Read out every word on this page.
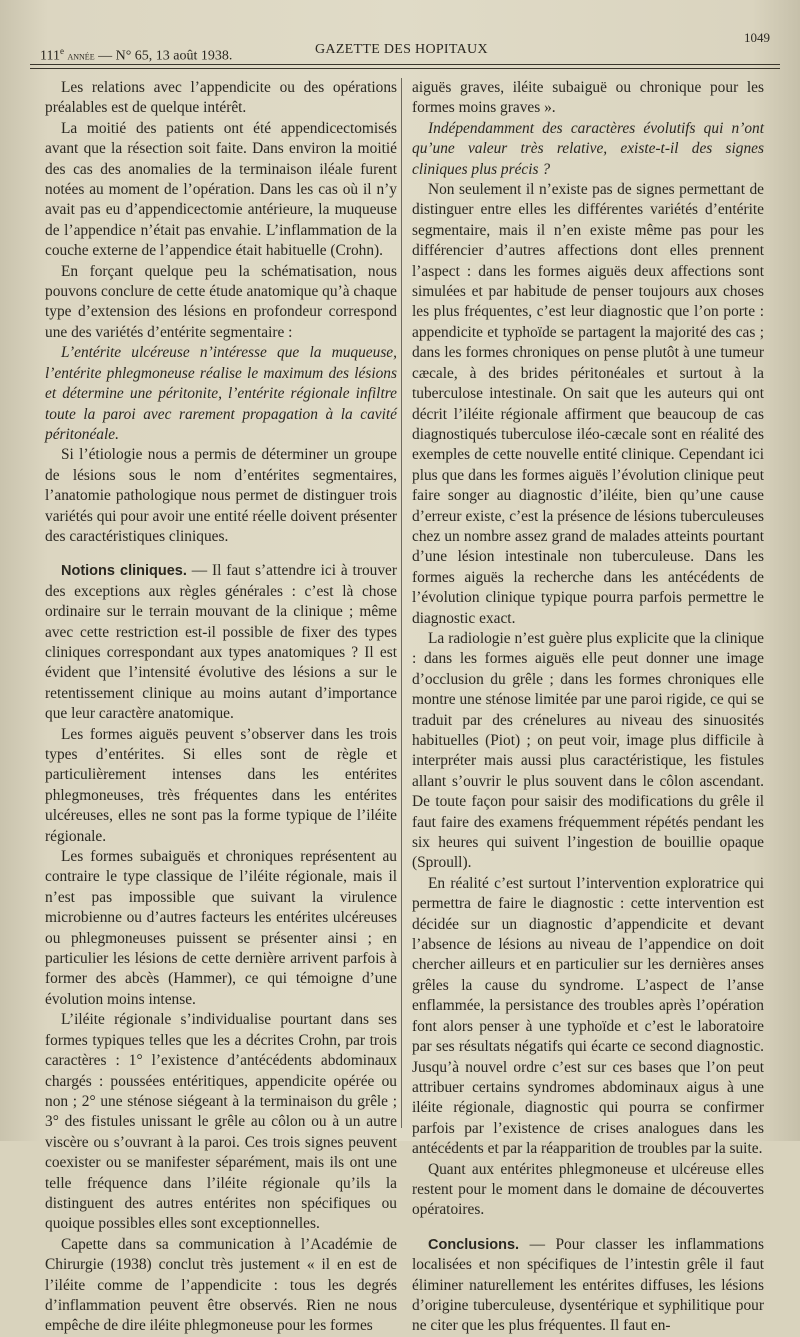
111e année — N° 65, 13 août 1938.	GAZETTE DES HOPITAUX
1049

Les relations avec l’appendicite ou des opérations préalables est de quelque intérêt.

La moitié des patients ont été appendicectomisés avant que la résection soit faite. Dans environ la moitié des cas des anomalies de la terminaison iléale furent notées au moment de l’opération. Dans les cas où il n’y avait pas eu d’appendicectomie antérieure, la muqueuse de l’appendice n’était pas envahie. L’inflammation de la couche externe de l’appendice était habituelle (Crohn).

En forçant quelque peu la schématisation, nous pouvons conclure de cette étude anatomique qu’à chaque type d’extension des lésions en profondeur correspond une des variétés d’entérite segmentaire :

L’entérite ulcéreuse n’intéresse que la muqueuse, l’entérite phlegmoneuse réalise le maximum des lésions et détermine une péritonite, l’entérite régionale infiltre toute la paroi avec rarement propagation à la cavité péritonéale.

Si l’étiologie nous a permis de déterminer un groupe de lésions sous le nom d’entérites segmentaires, l’anatomie pathologique nous permet de distinguer trois variétés qui pour avoir une entité réelle doivent présenter des caractéristiques cliniques.

Notions cliniques. — Il faut s’attendre ici à trouver des exceptions aux règles générales : c’est là chose ordinaire sur le terrain mouvant de la clinique ; même avec cette restriction est-il possible de fixer des types cliniques correspondant aux types anatomiques ? Il est évident que l’intensité évolutive des lésions a sur le retentissement clinique au moins autant d’importance que leur caractère anatomique.

Les formes aiguës peuvent s’observer dans les trois types d’entérites. Si elles sont de règle et particulièrement intenses dans les entérites phlegmoneuses, très fréquentes dans les entérites ulcéreuses, elles ne sont pas la forme typique de l’iléite régionale.

Les formes subaiguës et chroniques représentent au contraire le type classique de l’iléite régionale, mais il n’est pas impossible que suivant la virulence microbienne ou d’autres facteurs les entérites ulcéreuses ou phlegmoneuses puissent se présenter ainsi ; en particulier les lésions de cette dernière arrivent parfois à former des abcès (Hammer), ce qui témoigne d’une évolution moins intense.

L’iléite régionale s’individualise pourtant dans ses formes typiques telles que les a décrites Crohn, par trois caractères : 1° l’existence d’antécédents abdominaux chargés : poussées entéritiques, appendicite opérée ou non ; 2° une sténose siégeant à la terminaison du grêle ; 3° des fistules unissant le grêle au côlon ou à un autre viscère ou s’ouvrant à la paroi. Ces trois signes peuvent coexister ou se manifester séparément, mais ils ont une telle fréquence dans l’iléite régionale qu’ils la distinguent des autres entérites non spécifiques ou quoique possibles elles sont exceptionnelles.

Capette dans sa communication à l’Académie de Chirurgie (1938) conclut très justement « il en est de l’iléite comme de l’appendicite : tous les degrés d’inflammation peuvent être observés. Rien ne nous empêche de dire iléite phlegmoneuse pour les formes

aiguës graves, iléite subaiguë ou chronique pour les formes moins graves ».

Indépendamment des caractères évolutifs qui n’ont qu’une valeur très relative, existe-t-il des signes cliniques plus précis ?

Non seulement il n’existe pas de signes permettant de distinguer entre elles les différentes variétés d’entérite segmentaire, mais il n’en existe même pas pour les différencier d’autres affections dont elles prennent l’aspect : dans les formes aiguës deux affections sont simulées et par habitude de penser toujours aux choses les plus fréquentes, c’est leur diagnostic que l’on porte : appendicite et typhoïde se partagent la majorité des cas ; dans les formes chroniques on pense plutôt à une tumeur cæcale, à des brides péritonéales et surtout à la tuberculose intestinale. On sait que les auteurs qui ont décrit l’iléite régionale affirment que beaucoup de cas diagnostiqués tuberculose iléo-cæcale sont en réalité des exemples de cette nouvelle entité clinique. Cependant ici plus que dans les formes aiguës l’évolution clinique peut faire songer au diagnostic d’iléite, bien qu’une cause d’erreur existe, c’est la présence de lésions tuberculeuses chez un nombre assez grand de malades atteints pourtant d’une lésion intestinale non tuberculeuse. Dans les formes aiguës la recherche dans les antécédents de l’évolution clinique typique pourra parfois permettre le diagnostic exact.

La radiologie n’est guère plus explicite que la clinique : dans les formes aiguës elle peut donner une image d’occlusion du grêle ; dans les formes chroniques elle montre une sténose limitée par une paroi rigide, ce qui se traduit par des crénelures au niveau des sinuosités habituelles (Piot) ; on peut voir, image plus difficile à interpréter mais aussi plus caractéristique, les fistules allant s’ouvrir le plus souvent dans le côlon ascendant. De toute façon pour saisir des modifications du grêle il faut faire des examens fréquemment répétés pendant les six heures qui suivent l’ingestion de bouillie opaque (Sproull).

En réalité c’est surtout l’intervention exploratrice qui permettra de faire le diagnostic : cette intervention est décidée sur un diagnostic d’appendicite et devant l’absence de lésions au niveau de l’appendice on doit chercher ailleurs et en particulier sur les dernières anses grêles la cause du syndrome. L’aspect de l’anse enflammée, la persistance des troubles après l’opération font alors penser à une typhoïde et c’est le laboratoire par ses résultats négatifs qui écarte ce second diagnostic. Jusqu’à nouvel ordre c’est sur ces bases que l’on peut attribuer certains syndromes abdominaux aigus à une iléite régionale, diagnostic qui pourra se confirmer parfois par l’existence de crises analogues dans les antécédents et par la réapparition de troubles par la suite.

Quant aux entérites phlegmoneuse et ulcéreuse elles restent pour le moment dans le domaine de découvertes opératoires.

Conclusions. — Pour classer les inflammations localisées et non spécifiques de l’intestin grêle il faut éliminer naturellement les entérites diffuses, les lésions d’origine tuberculeuse, dysentérique et syphilitique pour ne citer que les plus fréquentes. Il faut en-
